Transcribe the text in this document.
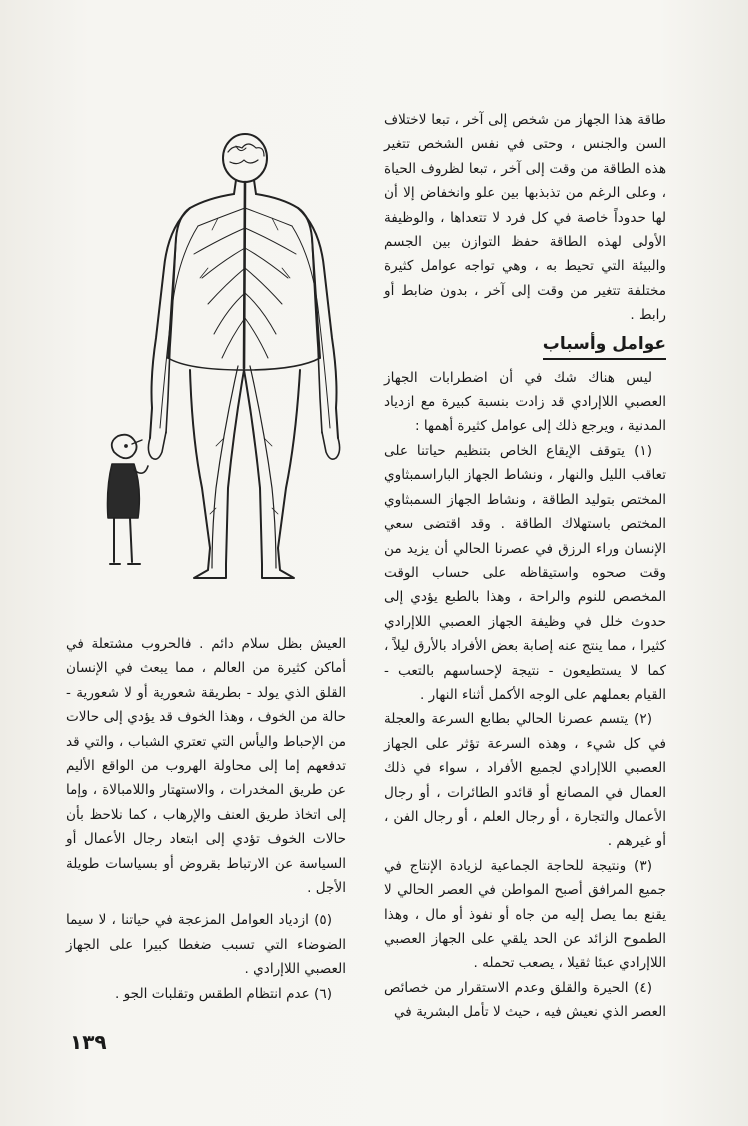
طاقة هذا الجهاز من شخص إلى آخر ، تبعا لاختلاف السن والجنس ، وحتى في نفس الشخص تتغير هذه الطاقة من وقت إلى آخر ، تبعا لظروف الحياة ، وعلى الرغم من تذبذبها بين علو وانخفاض إلا أن لها حدوداً خاصة في كل فرد لا تتعداها ، والوظيفة الأولى لهذه الطاقة حفظ التوازن بين الجسم والبيئة التي تحيط به ، وهي تواجه عوامل كثيرة مختلفة تتغير من وقت إلى آخر ، بدون ضابط أو رابط .

عوامل وأسباب

ليس هناك شك في أن اضطرابات الجهاز العصبي اللاإرادي قد زادت بنسبة كبيرة مع ازدياد المدنية ، ويرجع ذلك إلى عوامل كثيرة أهمها :

(١) يتوقف الإيقاع الخاص بتنظيم حياتنا على تعاقب الليل والنهار ، ونشاط الجهاز الباراسمبثاوي المختص بتوليد الطاقة ، ونشاط الجهاز السمبثاوي المختص باستهلاك الطاقة . وقد اقتضى سعي الإنسان وراء الرزق في عصرنا الحالي أن يزيد من وقت صحوه واستيقاظه على حساب الوقت المخصص للنوم والراحة ، وهذا بالطبع يؤدي إلى حدوث خلل في وظيفة الجهاز العصبي اللاإرادي كثيرا ، مما ينتج عنه إصابة بعض الأفراد بالأرق ليلاً ، كما لا يستطيعون - نتيجة لإحساسهم بالتعب - القيام بعملهم على الوجه الأكمل أثناء النهار .

(٢) يتسم عصرنا الحالي بطابع السرعة والعجلة في كل شيء ، وهذه السرعة تؤثر على الجهاز العصبي اللاإرادي لجميع الأفراد ، سواء في ذلك العمال في المصانع أو قائدو الطائرات ، أو رجال الأعمال والتجارة ، أو رجال العلم ، أو رجال الفن ، أو غيرهم .

(٣) ونتيجة للحاجة الجماعية لزيادة الإنتاج في جميع المرافق أصبح المواطن في العصر الحالي لا يقنع بما يصل إليه من جاه أو نفوذ أو مال ، وهذا الطموح الزائد عن الحد يلقي على الجهاز العصبي اللاإرادي عبئا ثقيلا ، يصعب تحمله .

(٤) الحيرة والقلق وعدم الاستقرار من خصائص العصر الذي نعيش فيه ، حيث لا تأمل البشرية في

العيش بظل سلام دائم . فالحروب مشتعلة في أماكن كثيرة من العالم ، مما يبعث في الإنسان القلق الذي يولد - بطريقة شعورية أو لا شعورية - حالة من الخوف ، وهذا الخوف قد يؤدي إلى حالات من الإحباط واليأس التي تعتري الشباب ، والتي قد تدفعهم إما إلى محاولة الهروب من الواقع الأليم عن طريق المخدرات ، والاستهتار واللامبالاة ، وإما إلى اتخاذ طريق العنف والإرهاب ، كما نلاحظ بأن حالات الخوف تؤدي إلى ابتعاد رجال الأعمال أو السياسة عن الارتباط بقروض أو بسياسات طويلة الأجل .

(٥) ازدياد العوامل المزعجة في حياتنا ، لا سيما الضوضاء التي تسبب ضغطا كبيرا على الجهاز العصبي اللاإرادي .

(٦) عدم انتظام الطقس وتقلبات الجو .

١٣٩
